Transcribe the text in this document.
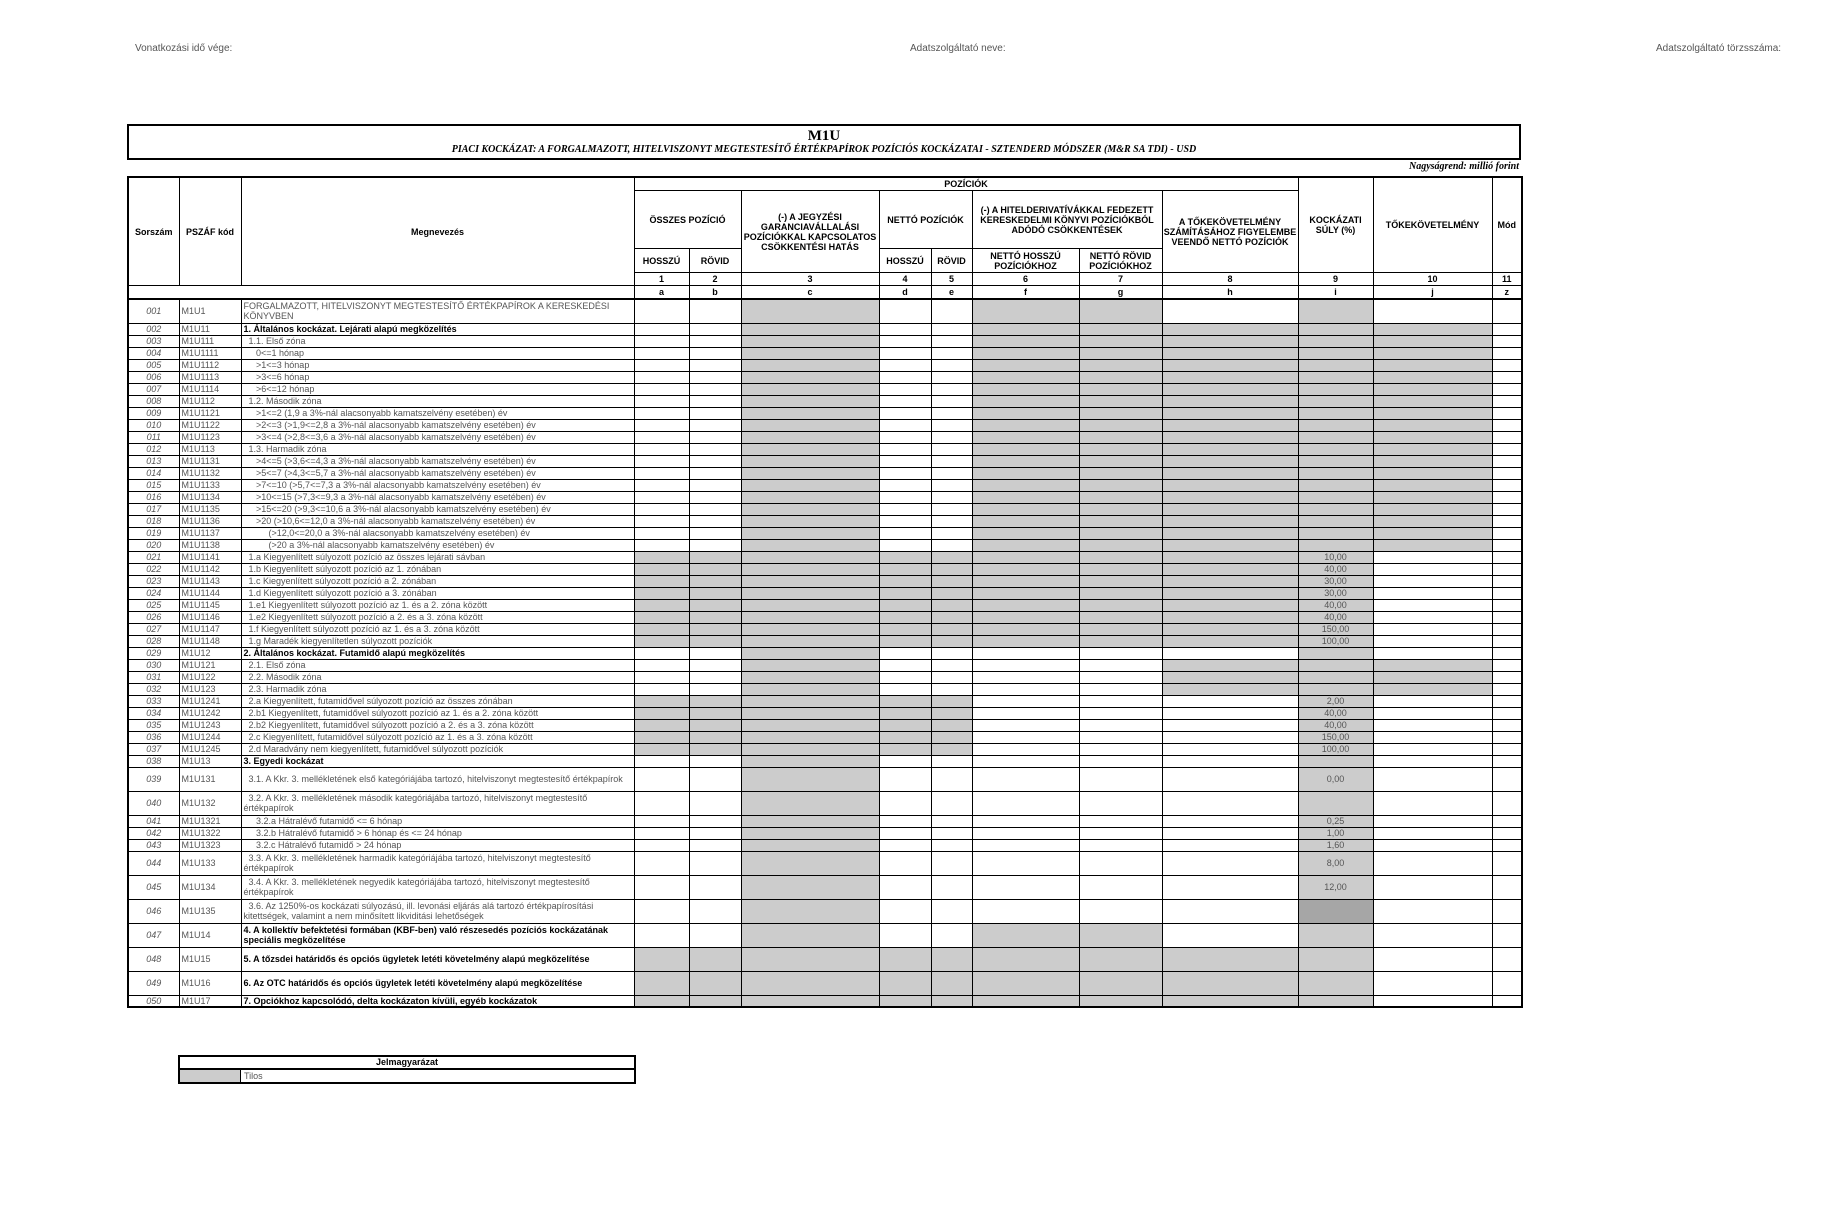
Vonatkozási idő vége:	Adatszolgáltató neve:	Adatszolgáltató törzsszáma:
M1U
PIACI KOCKÁZAT: A FORGALMAZOTT, HITELVISZONYT MEGTESTESÍTŐ ÉRTÉKPAPÍROK POZÍCIÓS KOCKÁZATAI - SZTENDERD MÓDSZER (M&R SA TDI) - USD
Nagyságrend: millió forint
Sorszám	PSZÁF kód	Megnevezés	POZÍCIÓK								KOCKÁZATI SÚLY (%)	TŐKEKÖVETELMÉNY	Mód
			ÖSSZES POZÍCIÓ		(-) A JEGYZÉSI GARANCIAVÁLLALÁSI POZÍCIÓKKAL KAPCSOLATOS CSÖKKENTÉSI HATÁS	NETTÓ POZÍCIÓK		(-) A HITELDERIVATÍVÁKKAL FEDEZETT KERESKEDELMI KÖNYVI POZÍCIÓKBÓL ADÓDÓ CSÖKKENTÉSEK		A TŐKEKÖVETELMÉNY SZÁMÍTÁSÁHOZ FIGYELEMBE VEENDŐ NETTÓ POZÍCIÓK			
			HOSSZÚ	RÖVID		HOSSZÚ	RÖVID	NETTÓ HOSSZÚ POZÍCIÓKHOZ	NETTÓ RÖVID POZÍCIÓKHOZ				
			1	2	3	4	5	6	7	8	9	10	11
			a	b	c	d	e	f	g	h	i	j	z
001	M1U1	FORGALMAZOTT, HITELVISZONYT MEGTESTESÍTŐ ÉRTÉKPAPÍROK A KERESKEDÉSI KÖNYVBEN											
002	M1U11	1. Általános kockázat. Lejárati alapú megközelítés											
003	M1U111	1.1. Első zóna											
004	M1U1111	0<=1 hónap											
005	M1U1112	>1<=3 hónap											
006	M1U1113	>3<=6 hónap											
007	M1U1114	>6<=12 hónap											
008	M1U112	1.2. Második zóna											
009	M1U1121	>1<=2 (1,9 a 3%-nál alacsonyabb kamatszelvény esetében) év											
010	M1U1122	>2<=3 (>1,9<=2,8 a 3%-nál alacsonyabb kamatszelvény esetében) év											
011	M1U1123	>3<=4 (>2,8<=3,6 a 3%-nál alacsonyabb kamatszelvény esetében) év											
012	M1U113	1.3. Harmadik zóna											
013	M1U1131	>4<=5 (>3,6<=4,3 a 3%-nál alacsonyabb kamatszelvény esetében) év											
014	M1U1132	>5<=7 (>4,3<=5,7 a 3%-nál alacsonyabb kamatszelvény esetében) év											
015	M1U1133	>7<=10 (>5,7<=7,3 a 3%-nál alacsonyabb kamatszelvény esetében) év											
016	M1U1134	>10<=15 (>7,3<=9,3 a 3%-nál alacsonyabb kamatszelvény esetében) év											
017	M1U1135	>15<=20 (>9,3<=10,6 a 3%-nál alacsonyabb kamatszelvény esetében) év											
018	M1U1136	>20 (>10,6<=12,0 a 3%-nál alacsonyabb kamatszelvény esetében) év											
019	M1U1137	(>12,0<=20,0 a 3%-nál alacsonyabb kamatszelvény esetében) év											
020	M1U1138	(>20 a 3%-nál alacsonyabb kamatszelvény esetében) év											
021	M1U1141	1.a Kiegyenlített súlyozott pozíció az összes lejárati sávban									10,00		
022	M1U1142	1.b Kiegyenlített súlyozott pozíció az 1. zónában									40,00		
023	M1U1143	1.c Kiegyenlített súlyozott pozíció a 2. zónában									30,00		
024	M1U1144	1.d Kiegyenlített súlyozott pozíció a 3. zónában									30,00		
025	M1U1145	1.e1 Kiegyenlített súlyozott pozíció az 1. és a 2. zóna között									40,00		
026	M1U1146	1.e2 Kiegyenlített súlyozott pozíció a 2. és a 3. zóna között									40,00		
027	M1U1147	1.f Kiegyenlített súlyozott pozíció az 1. és a 3. zóna között									150,00		
028	M1U1148	1.g Maradék kiegyenlítetlen súlyozott pozíciók									100,00		
029	M1U12	2. Általános kockázat. Futamidő alapú megközelítés											
030	M1U121	2.1. Első zóna											
031	M1U122	2.2. Második zóna											
032	M1U123	2.3. Harmadik zóna											
033	M1U1241	2.a Kiegyenlített, futamidővel súlyozott pozíció az összes zónában									2,00		
034	M1U1242	2.b1 Kiegyenlített, futamidővel súlyozott pozíció az 1. és a 2. zóna között									40,00		
035	M1U1243	2.b2 Kiegyenlített, futamidővel súlyozott pozíció a 2. és a 3. zóna között									40,00		
036	M1U1244	2.c Kiegyenlített, futamidővel súlyozott pozíció az 1. és a 3. zóna között									150,00		
037	M1U1245	2.d Maradvány nem kiegyenlített, futamidővel súlyozott pozíciók									100,00		
038	M1U13	3. Egyedi kockázat											
039	M1U131	3.1. A Kkr. 3. mellékletének első kategóriájába tartozó, hitelviszonyt megtestesítő értékpapírok									0,00		
040	M1U132	3.2. A Kkr. 3. mellékletének második kategóriájába tartozó, hitelviszonyt megtestesítő értékpapírok											
041	M1U1321	3.2.a Hátralévő futamidő <= 6 hónap									0,25		
042	M1U1322	3.2.b Hátralévő futamidő > 6 hónap és <= 24 hónap									1,00		
043	M1U1323	3.2.c Hátralévő futamidő > 24 hónap									1,60		
044	M1U133	3.3. A Kkr. 3. mellékletének harmadik kategóriájába tartozó, hitelviszonyt megtestesítő értékpapírok									8,00		
045	M1U134	3.4. A Kkr. 3. mellékletének negyedik kategóriájába tartozó, hitelviszonyt megtestesítő értékpapírok									12,00		
046	M1U135	3.6. Az 1250%-os kockázati súlyozású, ill. levonási eljárás alá tartozó értékpapírosítási kitettségek, valamint a nem minősített likviditási lehetőségek											
047	M1U14	4. A kollektív befektetési formában (KBF-ben) való részesedés pozíciós kockázatának speciális megközelítése											
048	M1U15	5. A tőzsdei határidős és opciós ügyletek letéti követelmény alapú megközelítése											
049	M1U16	6. Az OTC határidős és opciós ügyletek letéti követelmény alapú megközelítése											
050	M1U17	7. Opciókhoz kapcsolódó, delta kockázaton kívüli, egyéb kockázatok											
Jelmagyarázat
Tilos
